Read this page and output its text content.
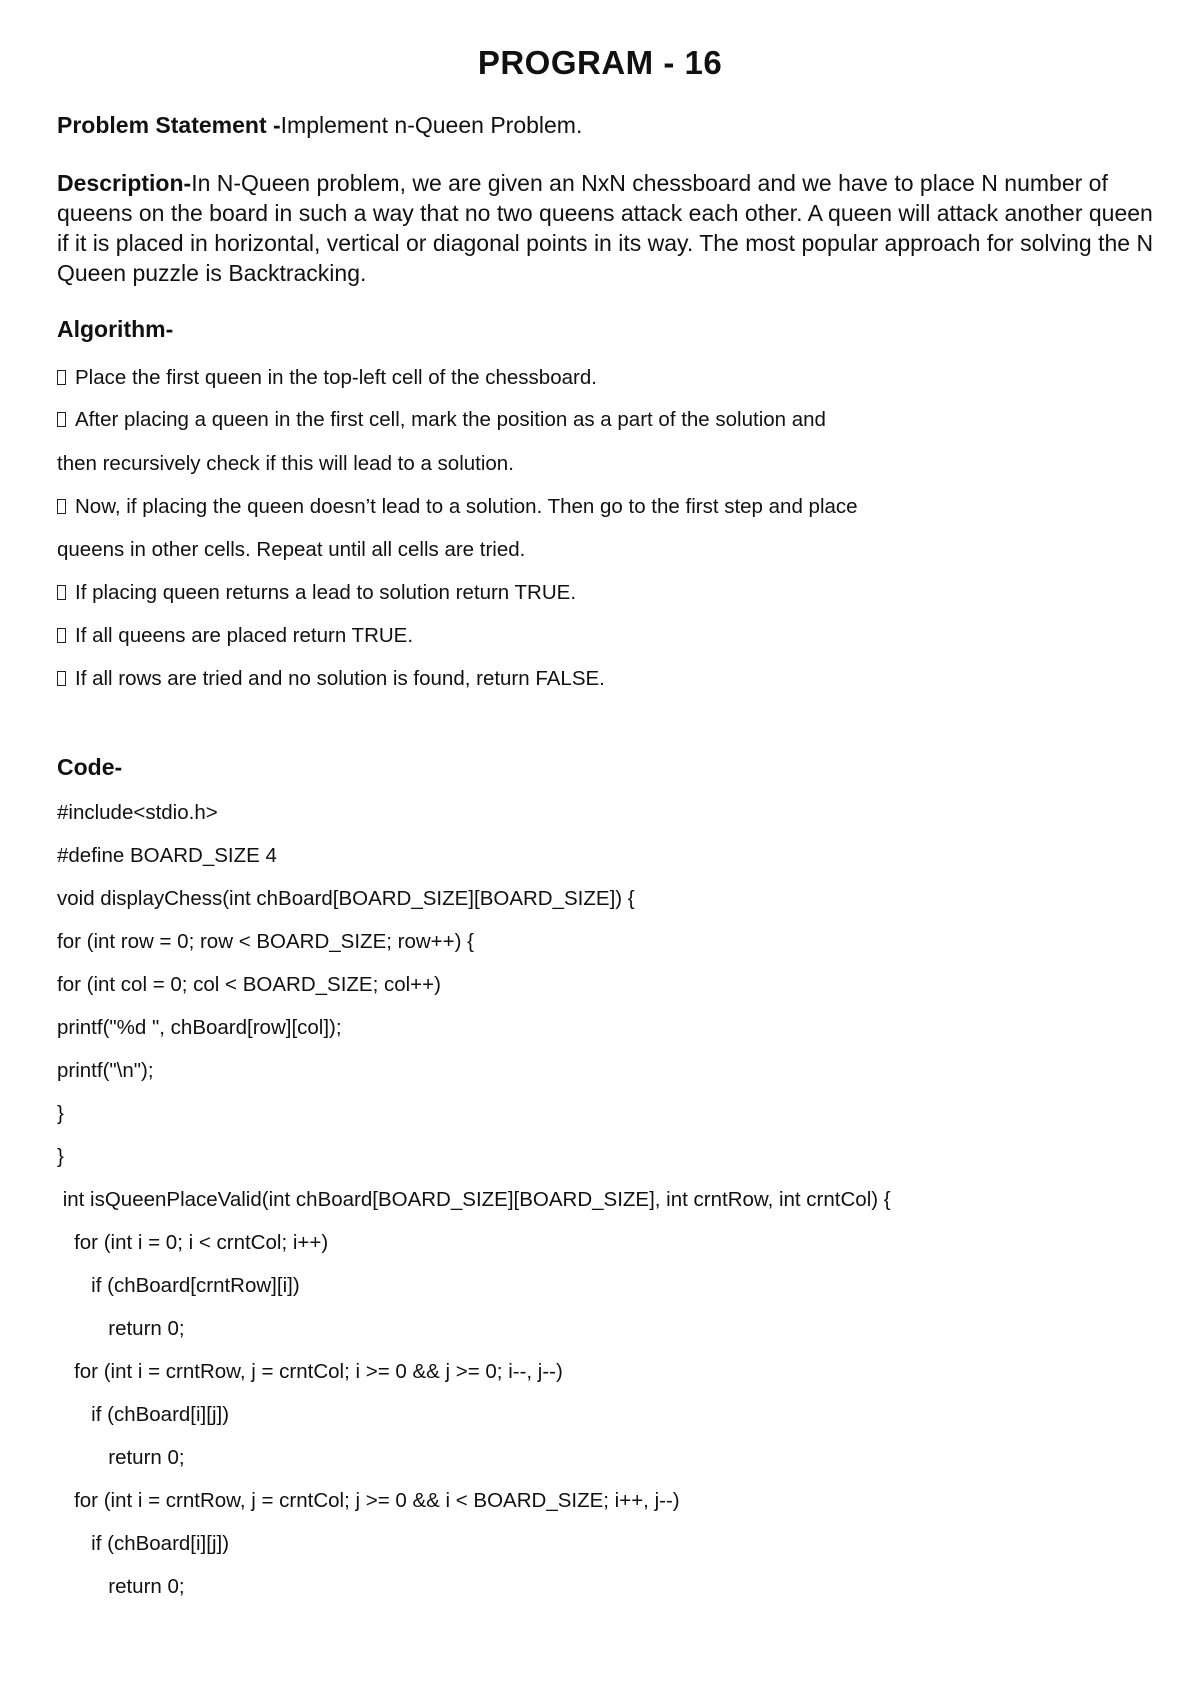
PROGRAM - 16
Problem Statement -Implement n-Queen Problem.
Description-In N-Queen problem, we are given an NxN chessboard and we have to place N number of queens on the board in such a way that no two queens attack each other. A queen will attack another queen if it is placed in horizontal, vertical or diagonal points in its way. The most popular approach for solving the N Queen puzzle is Backtracking.
Algorithm-
Place the first queen in the top-left cell of the chessboard.
After placing a queen in the first cell, mark the position as a part of the solution and
then recursively check if this will lead to a solution.
Now, if placing the queen doesn’t lead to a solution. Then go to the first step and place
queens in other cells. Repeat until all cells are tried.
If placing queen returns a lead to solution return TRUE.
If all queens are placed return TRUE.
If all rows are tried and no solution is found, return FALSE.
Code-
#include<stdio.h>
#define BOARD_SIZE 4
void displayChess(int chBoard[BOARD_SIZE][BOARD_SIZE]) {
for (int row = 0; row < BOARD_SIZE; row++) {
for (int col = 0; col < BOARD_SIZE; col++)
printf("%d ", chBoard[row][col]);
printf("\n");
}
}
int isQueenPlaceValid(int chBoard[BOARD_SIZE][BOARD_SIZE], int crntRow, int crntCol) {
for (int i = 0; i < crntCol; i++)
if (chBoard[crntRow][i])
return 0;
for (int i = crntRow, j = crntCol; i >= 0 && j >= 0; i--, j--)
if (chBoard[i][j])
return 0;
for (int i = crntRow, j = crntCol; j >= 0 && i < BOARD_SIZE; i++, j--)
if (chBoard[i][j])
return 0;
